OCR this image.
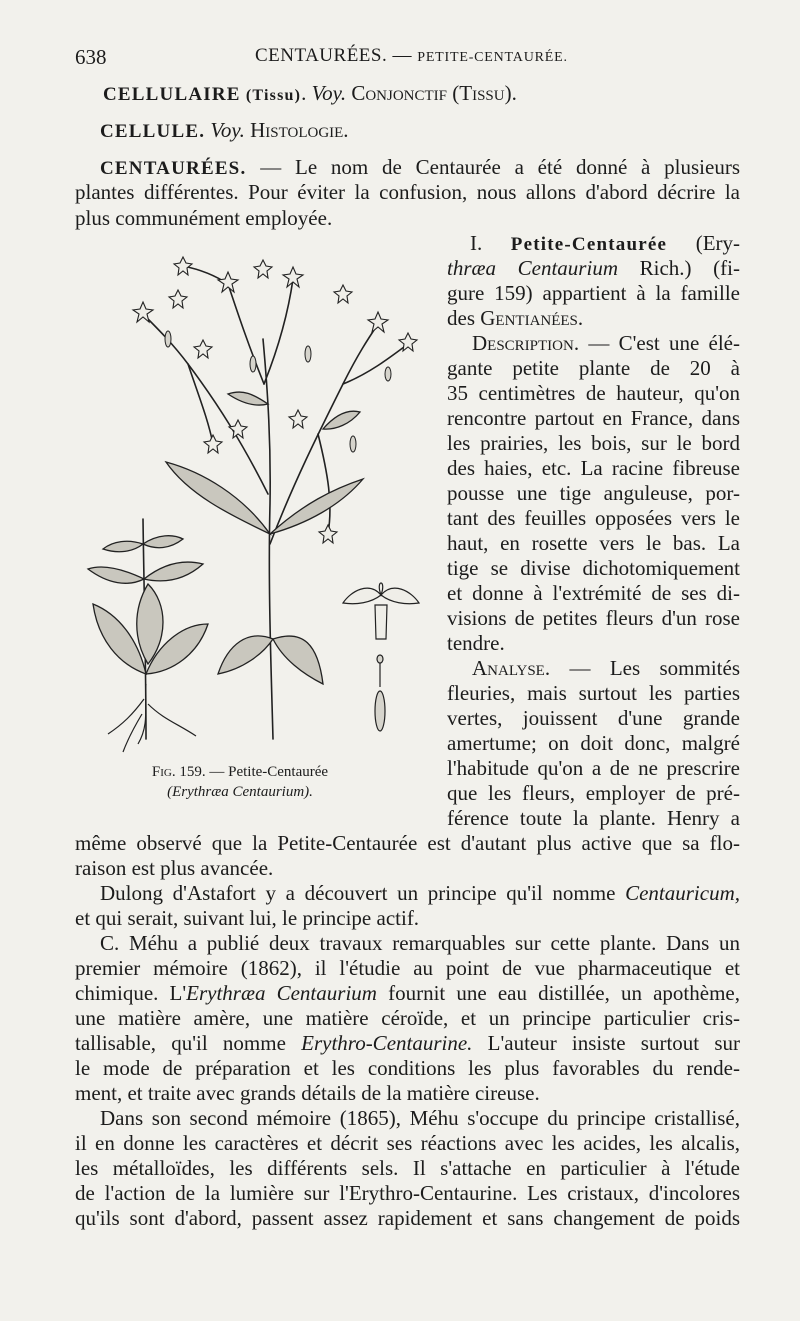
638	CENTAURÉES. — PETITE-CENTAURÉE.
CELLULAIRE (Tissu). Voy. Conjonctif (Tissu).
CELLULE. Voy. Histologie.
CENTAURÉES. — Le nom de Centaurée a été donné à plusieurs
plantes différentes. Pour éviter la confusion, nous allons d'abord décrire la
plus communément employée.
I. Petite-Centaurée (Ery-
thræa Centaurium Rich.) (fi-
gure 159) appartient à la famille
des Gentianées.
Description. — C'est une élé-
gante petite plante de 20 à
35 centimètres de hauteur, qu'on
rencontre partout en France, dans
les prairies, les bois, sur le bord
des haies, etc. La racine fibreuse
pousse une tige anguleuse, por-
tant des feuilles opposées vers le
haut, en rosette vers le bas. La
tige se divise dichotomiquement
et donne à l'extrémité de ses di-
visions de petites fleurs d'un rose
tendre.
Analyse. — Les sommités
fleuries, mais surtout les parties
vertes, jouissent d'une grande
amertume; on doit donc, malgré
l'habitude qu'on a de ne prescrire
que les fleurs, employer de pré-
férence toute la plante. Henry a
Fig. 159. — Petite-Centaurée
(Erythræa Centaurium).
même observé que la Petite-Centaurée est d'autant plus active que sa flo-
raison est plus avancée.
Dulong d'Astafort y a découvert un principe qu'il nomme Centauricum,
et qui serait, suivant lui, le principe actif.
C. Méhu a publié deux travaux remarquables sur cette plante. Dans un
premier mémoire (1862), il l'étudie au point de vue pharmaceutique et
chimique. L'Erythræa Centaurium fournit une eau distillée, un apothème,
une matière amère, une matière céroïde, et un principe particulier cris-
tallisable, qu'il nomme Erythro-Centaurine. L'auteur insiste surtout sur
le mode de préparation et les conditions les plus favorables du rende-
ment, et traite avec grands détails de la matière cireuse.
Dans son second mémoire (1865), Méhu s'occupe du principe cristallisé,
il en donne les caractères et décrit ses réactions avec les acides, les alcalis,
les métalloïdes, les différents sels. Il s'attache en particulier à l'étude
de l'action de la lumière sur l'Erythro-Centaurine. Les cristaux, d'incolores
qu'ils sont d'abord, passent assez rapidement et sans changement de poids
